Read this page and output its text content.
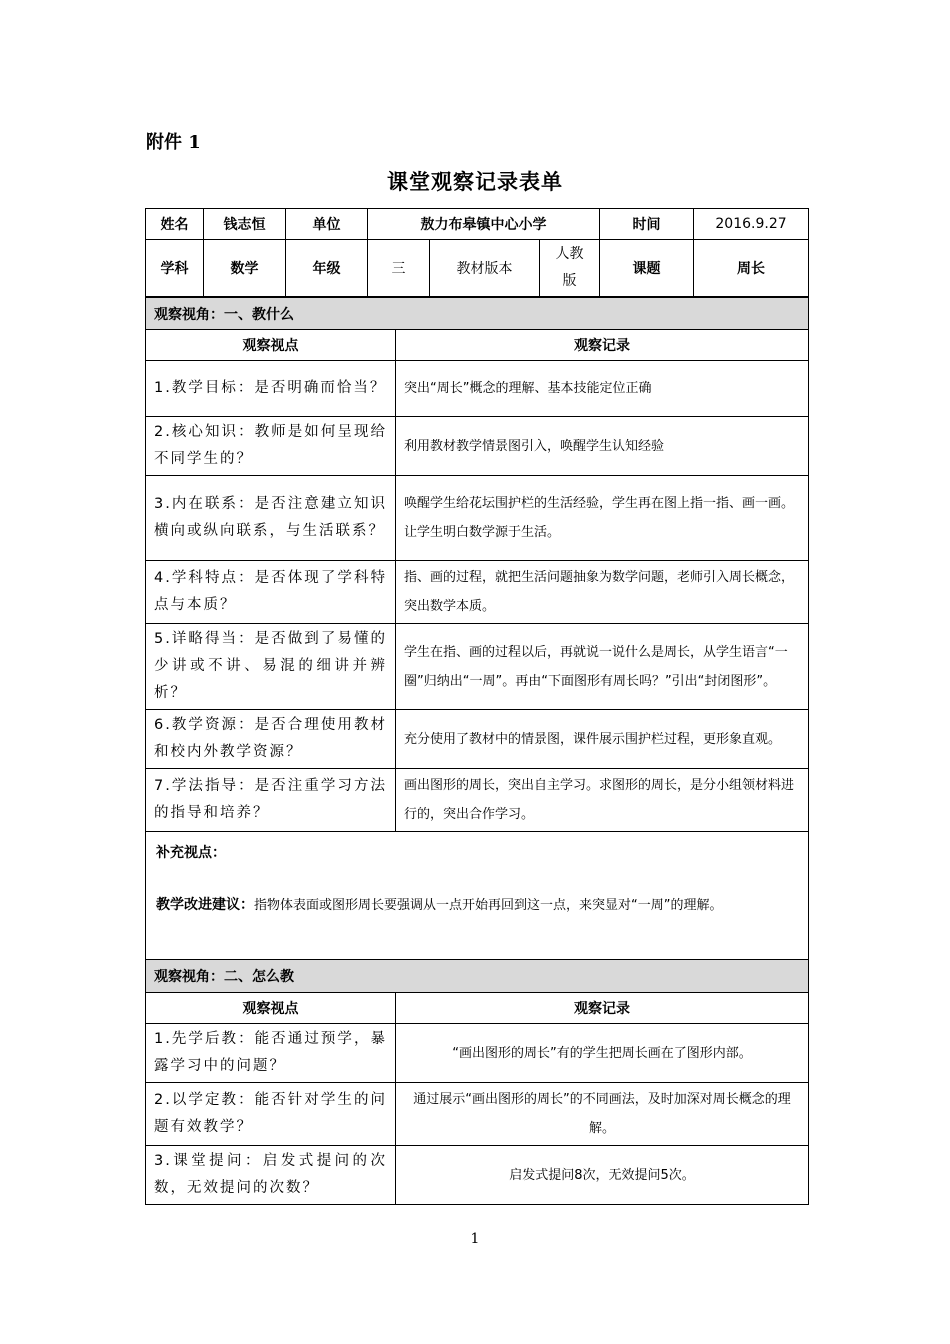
附件 1
课堂观察记录表单
姓名	钱志恒	单位	敖力布皋镇中心小学			时间	2016.9.27
学科	数学	年级	三	教材版本	人教版	课题	周长
观察视角：一、教什么	
观察视点	观察记录
1.教学目标：是否明确而恰当？	突出“周长”概念的理解、基本技能定位正确
2.核心知识：教师是如何呈现给不同学生的？	利用教材教学情景图引入，唤醒学生认知经验
3.内在联系：是否注意建立知识横向或纵向联系，与生活联系？	唤醒学生给花坛围护栏的生活经验，学生再在图上指一指、画一画。 让学生明白数学源于生活。
4.学科特点：是否体现了学科特点与本质？	指、画的过程，就把生活问题抽象为数学问题，老师引入周长概念，突出数学本质。
5.详略得当：是否做到了易懂的少讲或不讲、易混的细讲并辨析？	学生在指、画的过程以后，再就说一说什么是周长，从学生语言“一圈”归纳出“一周”。再由“下面图形有周长吗？”引出“封闭图形”。
6.教学资源：是否合理使用教材和校内外教学资源？	充分使用了教材中的情景图，课件展示围护栏过程，更形象直观。
7.学法指导：是否注重学习方法的指导和培养？	画出图形的周长，突出自主学习。求图形的周长，是分小组领材料进行的，突出合作学习。

补充视点：
教学改进建议：指物体表面或图形周长要强调从一点开始再回到这一点，来突显对“一周”的理解。	
观察视角：二、怎么教	
观察视点	观察记录
1.先学后教：能否通过预学，暴露学习中的问题？	“画出图形的周长”有的学生把周长画在了图形内部。
2.以学定教：能否针对学生的问题有效教学？	通过展示“画出图形的周长”的不同画法，及时加深对周长概念的理解。
3.课堂提问：启发式提问的次数，无效提问的次数？	启发式提问8次，无效提问5次。
1
